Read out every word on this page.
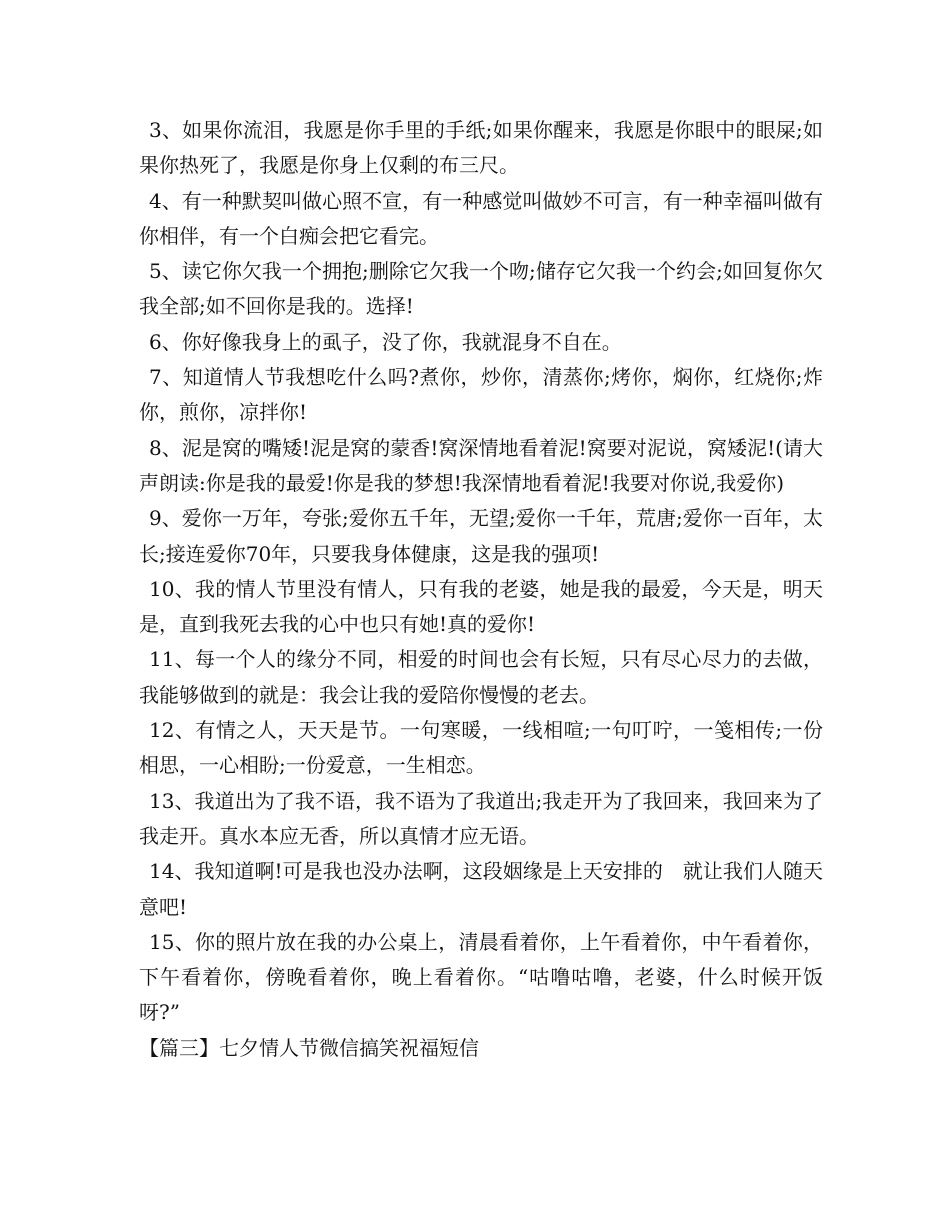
3、如果你流泪，我愿是你手里的手纸;如果你醒来，我愿是你眼中的眼屎;如果你热死了，我愿是你身上仅剩的布三尺。

4、有一种默契叫做心照不宣，有一种感觉叫做妙不可言，有一种幸福叫做有你相伴，有一个白痴会把它看完。

5、读它你欠我一个拥抱;删除它欠我一个吻;储存它欠我一个约会;如回复你欠我全部;如不回你是我的。选择!

6、你好像我身上的虱子，没了你，我就混身不自在。

7、知道情人节我想吃什么吗?煮你，炒你，清蒸你;烤你，焖你，红烧你;炸你，煎你，凉拌你!

8、泥是窝的嘴矮!泥是窝的蒙香!窝深情地看着泥!窝要对泥说，窝矮泥!(请大声朗读:你是我的最爱!你是我的梦想!我深情地看着泥!我要对你说,我爱你)

9、爱你一万年，夸张;爱你五千年，无望;爱你一千年，荒唐;爱你一百年，太长;接连爱你70年，只要我身体健康，这是我的强项!

10、我的情人节里没有情人，只有我的老婆，她是我的最爱，今天是，明天是，直到我死去我的心中也只有她!真的爱你!

11、每一个人的缘分不同，相爱的时间也会有长短，只有尽心尽力的去做，我能够做到的就是：我会让我的爱陪你慢慢的老去。

12、有情之人，天天是节。一句寒暖，一线相喧;一句叮咛，一笺相传;一份相思，一心相盼;一份爱意，一生相恋。

13、我道出为了我不语，我不语为了我道出;我走开为了我回来，我回来为了我走开。真水本应无香，所以真情才应无语。

14、我知道啊!可是我也没办法啊，这段姻缘是上天安排的　就让我们人随天意吧!

15、你的照片放在我的办公桌上，清晨看着你，上午看着你，中午看着你，下午看着你，傍晚看着你，晚上看着你。“咕噜咕噜，老婆，什么时候开饭呀?”

【篇三】七夕情人节微信搞笑祝福短信
